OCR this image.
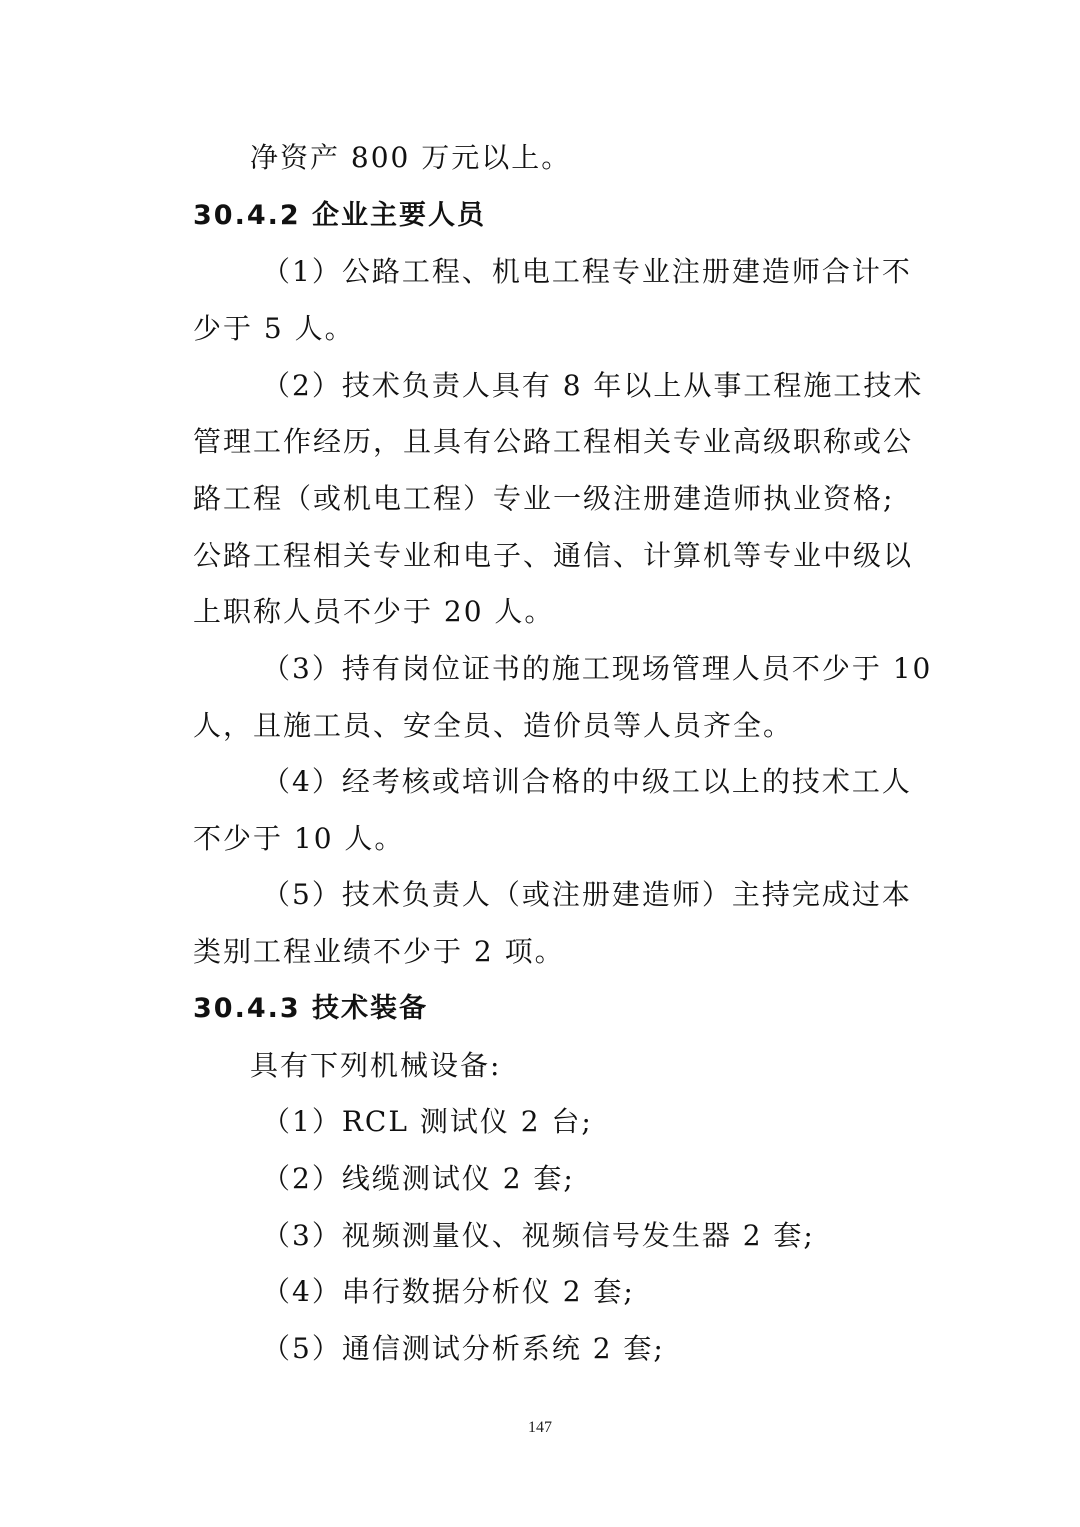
净资产 800 万元以上。
30.4.2 企业主要人员
（1）公路工程、机电工程专业注册建造师合计不
少于 5 人。
（2）技术负责人具有 8 年以上从事工程施工技术
管理工作经历，且具有公路工程相关专业高级职称或公
路工程（或机电工程）专业一级注册建造师执业资格;
公路工程相关专业和电子、通信、计算机等专业中级以
上职称人员不少于 20 人。
（3）持有岗位证书的施工现场管理人员不少于 10
人，且施工员、安全员、造价员等人员齐全。
（4）经考核或培训合格的中级工以上的技术工人
不少于 10 人。
（5）技术负责人（或注册建造师）主持完成过本
类别工程业绩不少于 2 项。
30.4.3 技术装备
具有下列机械设备:
（1）RCL 测试仪 2 台;
（2）线缆测试仪 2 套;
（3）视频测量仪、视频信号发生器 2 套;
（4）串行数据分析仪 2 套;
（5）通信测试分析系统 2 套;
147
